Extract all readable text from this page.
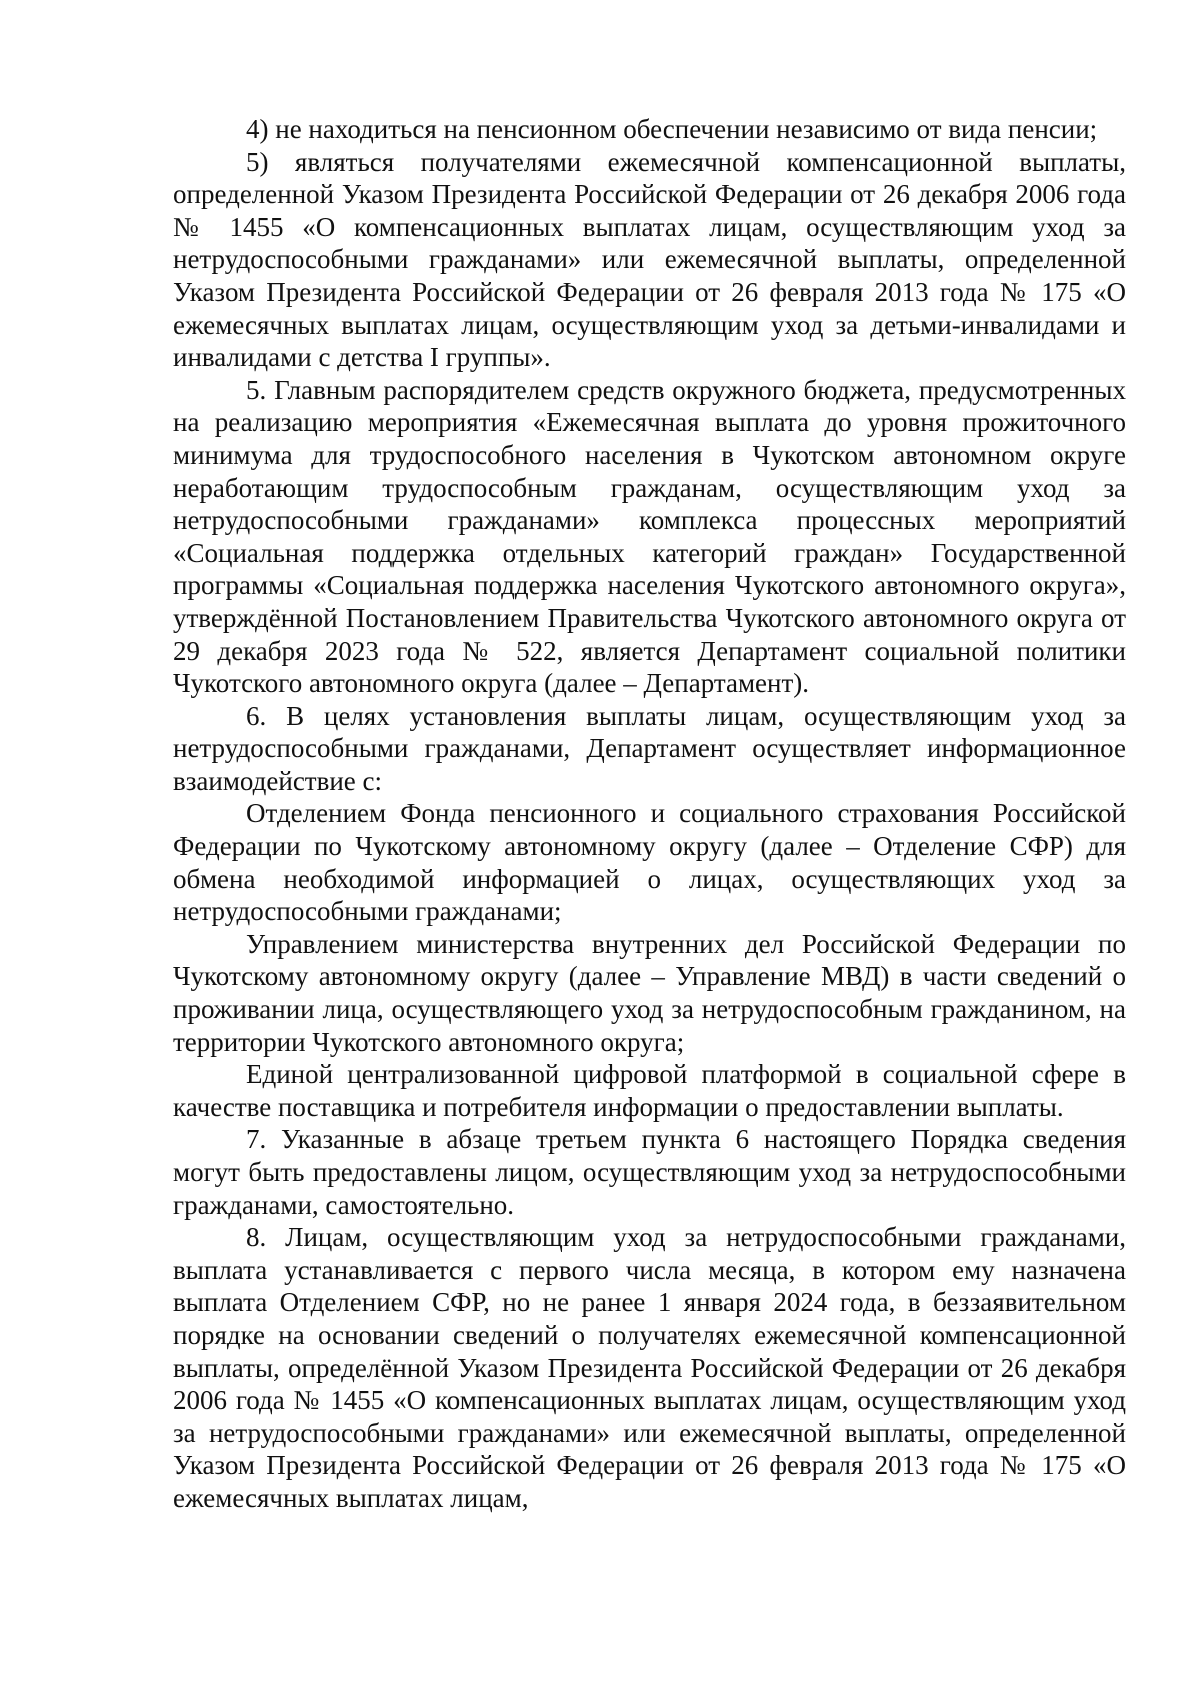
4) не находиться на пенсионном обеспечении независимо от вида пенсии;

5) являться получателями ежемесячной компенсационной выплаты, определенной Указом Президента Российской Федерации от 26 декабря 2006 года № 1455 «О компенсационных выплатах лицам, осуществляющим уход за нетрудоспособными гражданами» или ежемесячной выплаты, определенной Указом Президента Российской Федерации от 26 февраля 2013 года № 175 «О ежемесячных выплатах лицам, осуществляющим уход за детьми-инвалидами и инвалидами с детства I группы».

5. Главным распорядителем средств окружного бюджета, предусмотренных на реализацию мероприятия «Ежемесячная выплата до уровня прожиточного минимума для трудоспособного населения в Чукотском автономном округе неработающим трудоспособным гражданам, осуществляющим уход за нетрудоспособными гражданами» комплекса процессных мероприятий «Социальная поддержка отдельных категорий граждан» Государственной программы «Социальная поддержка населения Чукотского автономного округа», утверждённой Постановлением Правительства Чукотского автономного округа от 29 декабря 2023 года № 522, является Департамент социальной политики Чукотского автономного округа (далее – Департамент).

6. В целях установления выплаты лицам, осуществляющим уход за нетрудоспособными гражданами, Департамент осуществляет информационное взаимодействие с:

Отделением Фонда пенсионного и социального страхования Российской Федерации по Чукотскому автономному округу (далее – Отделение СФР) для обмена необходимой информацией о лицах, осуществляющих уход за нетрудоспособными гражданами;

Управлением министерства внутренних дел Российской Федерации по Чукотскому автономному округу (далее – Управление МВД) в части сведений о проживании лица, осуществляющего уход за нетрудоспособным гражданином, на территории Чукотского автономного округа;

Единой централизованной цифровой платформой в социальной сфере в качестве поставщика и потребителя информации о предоставлении выплаты.

7. Указанные в абзаце третьем пункта 6 настоящего Порядка сведения могут быть предоставлены лицом, осуществляющим уход за нетрудоспособными гражданами, самостоятельно.

8. Лицам, осуществляющим уход за нетрудоспособными гражданами, выплата устанавливается с первого числа месяца, в котором ему назначена выплата Отделением СФР, но не ранее 1 января 2024 года, в беззаявительном порядке на основании сведений о получателях ежемесячной компенсационной выплаты, определённой Указом Президента Российской Федерации от 26 декабря 2006 года № 1455 «О компенсационных выплатах лицам, осуществляющим уход за нетрудоспособными гражданами» или ежемесячной выплаты, определенной Указом Президента Российской Федерации от 26 февраля 2013 года № 175 «О ежемесячных выплатах лицам,
